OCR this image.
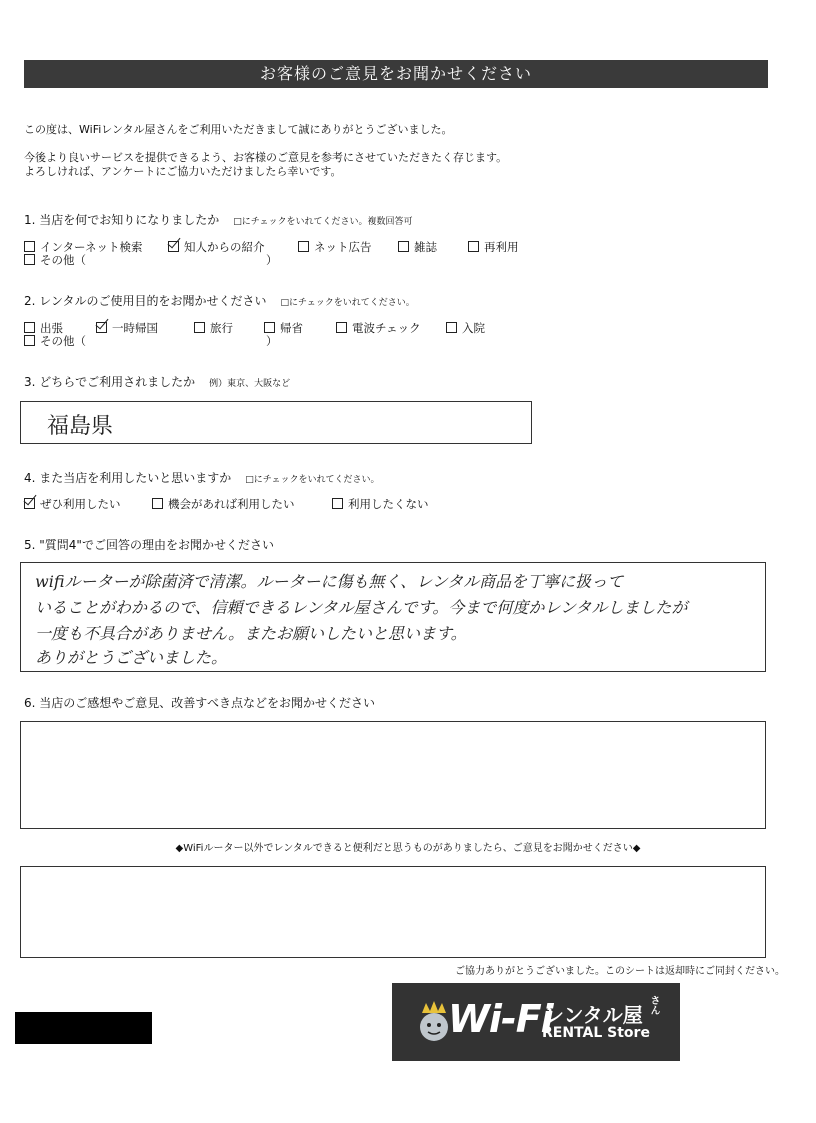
お客様のご意見をお聞かせください
この度は、WiFiレンタル屋さんをご利用いただきまして誠にありがとうございました。
今後より良いサービスを提供できるよう、お客様のご意見を参考にさせていただきたく存じます。
よろしければ、アンケートにご協力いただけましたら幸いです。
1. 当店を何でお知りになりましたか □にチェックをいれてください。複数回答可
インターネット検索	知人からの紹介	ネット広告	雑誌	再利用
その他（	）
2. レンタルのご使用目的をお聞かせください □にチェックをいれてください。
出張	一時帰国	旅行	帰省	電波チェック	入院
その他（	）
3. どちらでご利用されましたか 例）東京、大阪など
福島県
4. また当店を利用したいと思いますか □にチェックをいれてください。
ぜひ利用したい	機会があれば利用したい	利用したくない
5. "質問4"でご回答の理由をお聞かせください
wifiルーターが除菌済で清潔。ルーターに傷も無く、レンタル商品を丁寧に扱って
いることがわかるので、信頼できるレンタル屋さんです。今まで何度かレンタルしましたが
一度も不具合がありません。またお願いしたいと思います。
ありがとうございました。
6. 当店のご感想やご意見、改善すべき点などをお聞かせください
◆WiFiルーター以外でレンタルできると便利だと思うものがありましたら、ご意見をお聞かせください◆
ご協力ありがとうございました。このシートは返却時にご同封ください。
Wi-Fi
レンタル屋 さん
RENTAL Store
